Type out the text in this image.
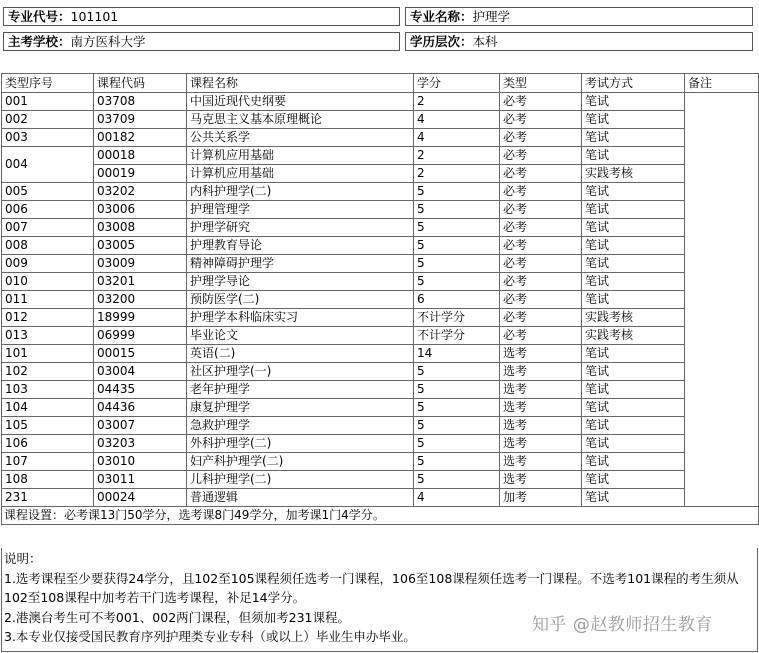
专业代号：101101	专业名称：护理学
主考学校：南方医科大学	学历层次：本科
类型序号	课程代码	课程名称	学分	类型	考试方式	备注
001	03708	中国近现代史纲要	2	必考	笔试	
002	03709	马克思主义基本原理概论	4	必考	笔试	
003	00182	公共关系学	4	必考	笔试	
004	00018	计算机应用基础	2	必考	笔试	
	00019	计算机应用基础	2	必考	实践考核	
005	03202	内科护理学(二)	5	必考	笔试	
006	03006	护理管理学	5	必考	笔试	
007	03008	护理学研究	5	必考	笔试	
008	03005	护理教育导论	5	必考	笔试	
009	03009	精神障碍护理学	5	必考	笔试	
010	03201	护理学导论	5	必考	笔试	
011	03200	预防医学(二)	6	必考	笔试	
012	18999	护理学本科临床实习	不计学分	必考	实践考核	
013	06999	毕业论文	不计学分	必考	实践考核	
101	00015	英语(二)	14	选考	笔试	
102	03004	社区护理学(一)	5	选考	笔试	
103	04435	老年护理学	5	选考	笔试	
104	04436	康复护理学	5	选考	笔试	
105	03007	急救护理学	5	选考	笔试	
106	03203	外科护理学(二)	5	选考	笔试	
107	03010	妇产科护理学(二)	5	选考	笔试	
108	03011	儿科护理学(二)	5	选考	笔试	
231	00024	普通逻辑	4	加考	笔试	
课程设置：必考课13门50学分，选考课8门49学分，加考课1门4学分。						
说明：
1.选考课程至少要获得24学分，且102至105课程须任选考一门课程，106至108课程须任选考一门课程。不选考101课程的考生须从
102至108课程中加考若干门选考课程，补足14学分。
2.港澳台考生可不考001、002两门课程，但须加考231课程。
3.本专业仅接受国民教育序列护理类专业专科（或以上）毕业生申办毕业。
知乎 @赵教师招生教育
